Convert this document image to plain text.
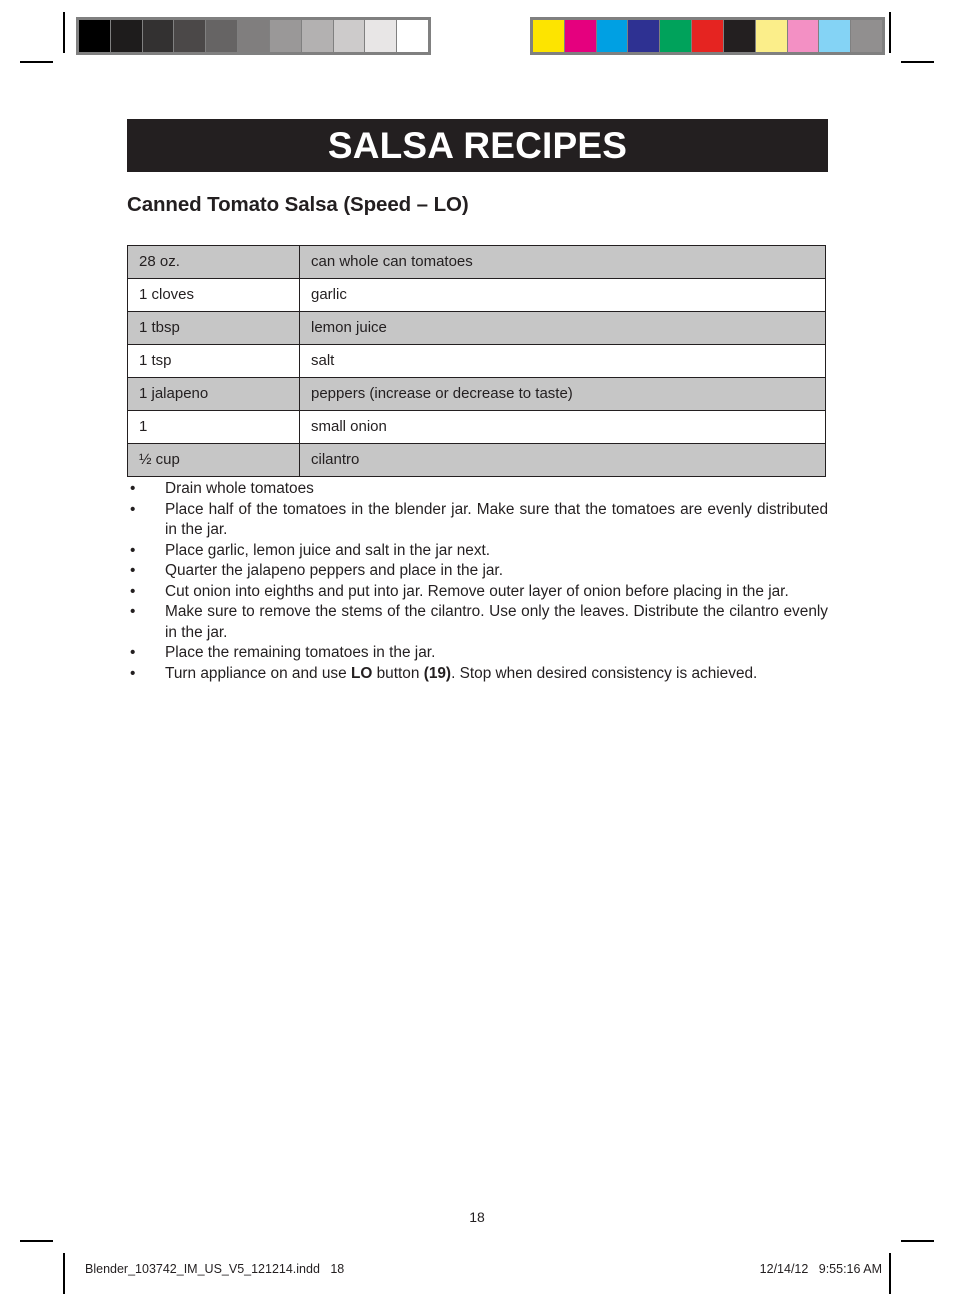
SALSA RECIPES
Canned Tomato Salsa (Speed – LO)
28 oz.	can whole can tomatoes
1 cloves	garlic
1 tbsp	lemon juice
1 tsp	salt
1 jalapeno	peppers (increase or decrease to taste)
1	small onion
½ cup	cilantro
• Drain whole tomatoes
• Place half of the tomatoes in the blender jar. Make sure that the tomatoes are evenly distributed in the jar.
• Place garlic, lemon juice and salt in the jar next.
• Quarter the jalapeno peppers and place in the jar.
• Cut onion into eighths and put into jar. Remove outer layer of onion before placing in the jar.
• Make sure to remove the stems of the cilantro. Use only the leaves. Distribute the cilantro evenly in the jar.
• Place the remaining tomatoes in the jar.
• Turn appliance on and use LO button (19). Stop when desired consistency is achieved.
18
Blender_103742_IM_US_V5_121214.indd   18	12/14/12   9:55:16 AM
